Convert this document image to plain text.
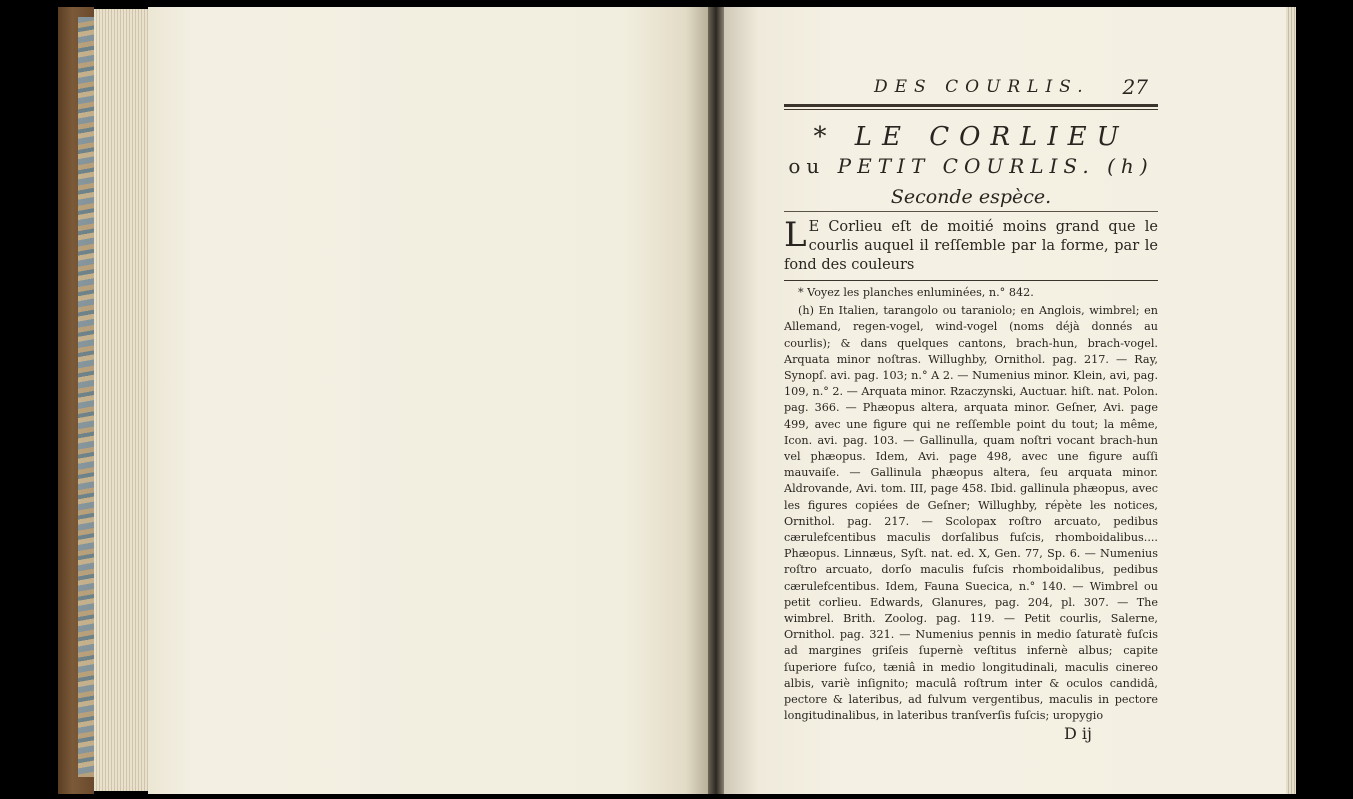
DES COURLIS. 27
* LE CORLIEU
ou PETIT COURLIS. (h)
Seconde espèce.
L E Corlieu eſt de moitié moins grand que le courlis auquel il reſſemble par la forme, par le fond des couleurs

* Voyez les planches enluminées, n.° 842.

(h) En Italien, tarangolo ou taraniolo; en Anglois, wimbrel; en Allemand, regen-vogel, wind-vogel (noms déjà donnés au courlis); & dans quelques cantons, brach-hun, brach-vogel. Arquata minor noſtras. Willughby, Ornithol. pag. 217. — Ray, Synopſ. avi. pag. 103; n.° A 2. — Numenius minor. Klein, avi, pag. 109, n.° 2. — Arquata minor. Rzaczynski, Auctuar. hiſt. nat. Polon. pag. 366. — Phæopus altera, arquata minor. Geſner, Avi. page 499, avec une figure qui ne reſſemble point du tout; la même, Icon. avi. pag. 103. — Gallinulla, quam noſtri vocant brach-hun vel phæopus. Idem, Avi. page 498, avec une figure auſſi mauvaiſe. — Gallinula phæopus altera, ſeu arquata minor. Aldrovande, Avi. tom. III, page 458. Ibid. gallinula phæopus, avec les figures copiées de Geſner; Willughby, répète les notices, Ornithol. pag. 217. — Scolopax roſtro arcuato, pedibus cærulefcentibus maculis dorſalibus fuſcis, rhomboidalibus.... Phæopus. Linnæus, Syſt. nat. ed. X, Gen. 77, Sp. 6. — Numenius roſtro arcuato, dorſo maculis fuſcis rhomboidalibus, pedibus cærulefcentibus. Idem, Fauna Suecica, n.° 140. — Wimbrel ou petit corlieu. Edwards, Glanures, pag. 204, pl. 307. — The wimbrel. Brith. Zoolog. pag. 119. — Petit courlis, Salerne, Ornithol. pag. 321. — Numenius pennis in medio ſaturatè fuſcis ad margines griſeis ſupernè veſtitus infernè albus; capite ſuperiore fuſco, tæniâ in medio longitudinali, maculis cinereo albis, variè inſignito; maculâ roſtrum inter & oculos candidâ, pectore & lateribus, ad fulvum vergentibus, maculis in pectore longitudinalibus, in lateribus tranſverſis fuſcis; uropygio

D ij
